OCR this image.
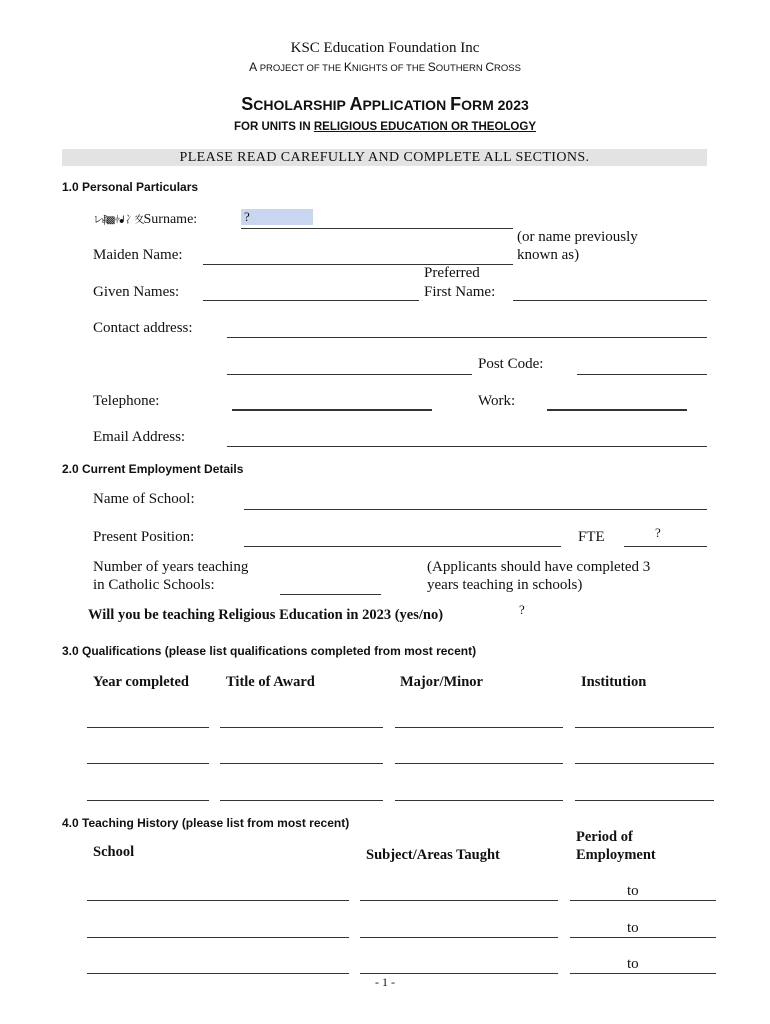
KSC Education Foundation Inc
A PROJECT OF THE KNIGHTS OF THE SOUTHERN CROSS
SCHOLARSHIP APPLICATION FORM 2023
FOR UNITS IN RELIGIOUS EDUCATION OR THEOLOGY
PLEASE READ CAREFULLY AND COMPLETE ALL SECTIONS.
1.0 Personal Particulars
レ⳥▩⫩ᖱ ⼎⼢Surname:	?
Maiden Name:
(or name previously
known as)
Given Names:
Preferred
First Name:
Contact address:
Post Code:
Telephone:	Work:
Email Address:
2.0 Current Employment Details
Name of School:
Present Position:	FTE	?
Number of years teaching
in Catholic Schools:
(Applicants should have completed 3
years teaching in schools)
Will you be teaching Religious Education in 2023 (yes/no)	?
3.0 Qualifications (please list qualifications completed from most recent)
Year completed	Title of Award	Major/Minor	Institution
4.0 Teaching History (please list from most recent)
School	Subject/Areas Taught
Period of
Employment
to
to
to
- 1 -
